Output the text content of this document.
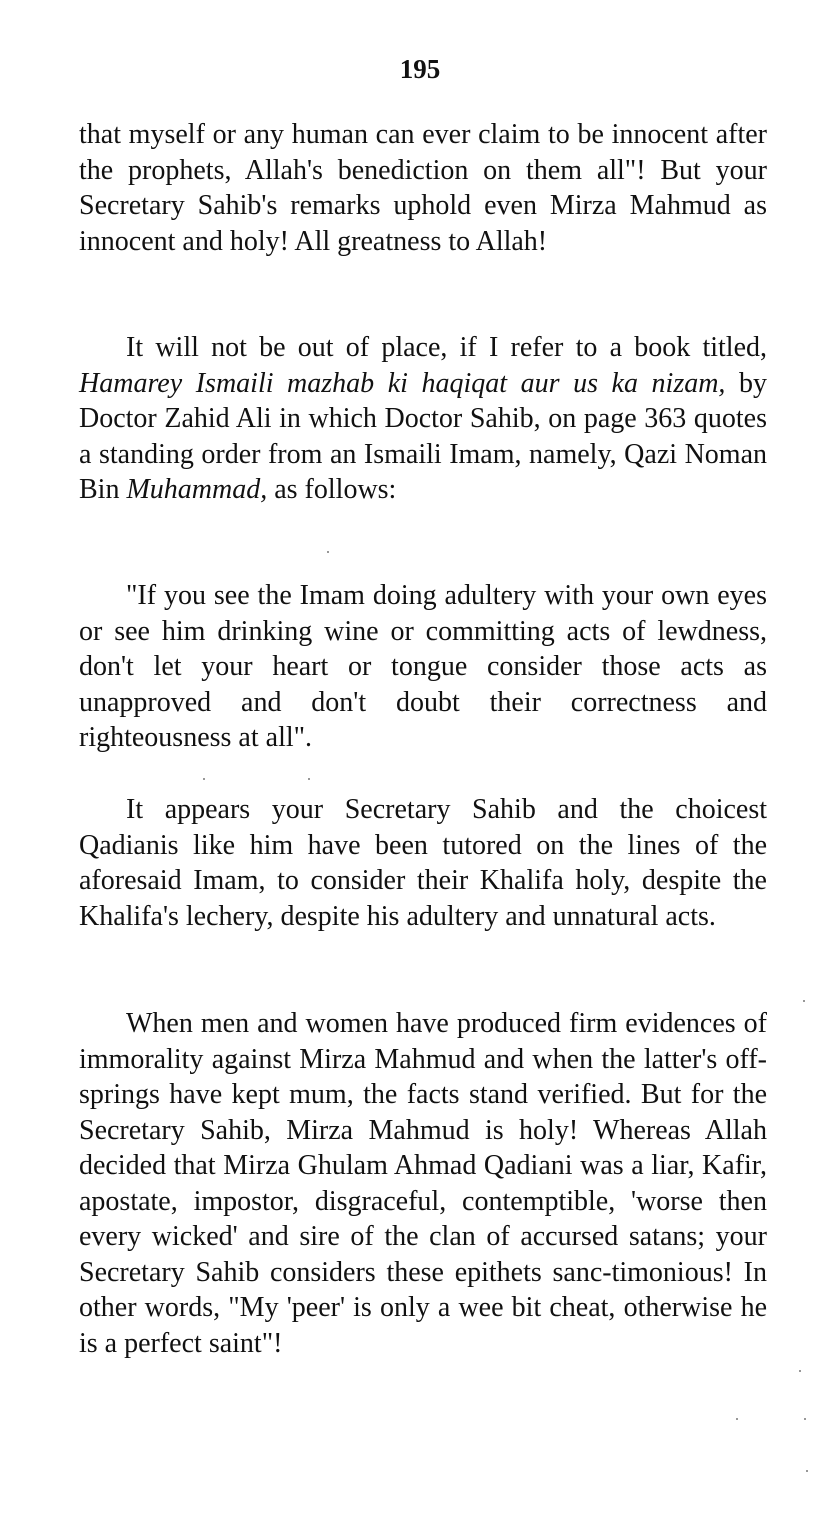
195

that myself or any human can ever claim to be innocent after the prophets, Allah's benediction on them all"! But your Secretary Sahib's remarks uphold even Mirza Mahmud as innocent and holy! All greatness to Allah!

It will not be out of place, if I refer to a book titled, Hamarey Ismaili mazhab ki haqiqat aur us ka nizam, by Doctor Zahid Ali in which Doctor Sahib, on page 363 quotes a standing order from an Ismaili Imam, namely, Qazi Noman Bin Muhammad, as follows:

"If you see the Imam doing adultery with your own eyes or see him drinking wine or committing acts of lewdness, don't let your heart or tongue consider those acts as unapproved and don't doubt their correctness and righteousness at all".

It appears your Secretary Sahib and the choicest Qadianis like him have been tutored on the lines of the aforesaid Imam, to consider their Khalifa holy, despite the Khalifa's lechery, despite his adultery and unnatural acts.

When men and women have produced firm evidences of immorality against Mirza Mahmud and when the latter's off-springs have kept mum, the facts stand verified. But for the Secretary Sahib, Mirza Mahmud is holy! Whereas Allah decided that Mirza Ghulam Ahmad Qadiani was a liar, Kafir, apostate, impostor, disgraceful, contemptible, 'worse then every wicked' and sire of the clan of accursed satans; your Secretary Sahib considers these epithets sanc-timonious! In other words, "My 'peer' is only a wee bit cheat, otherwise he is a perfect saint"!
